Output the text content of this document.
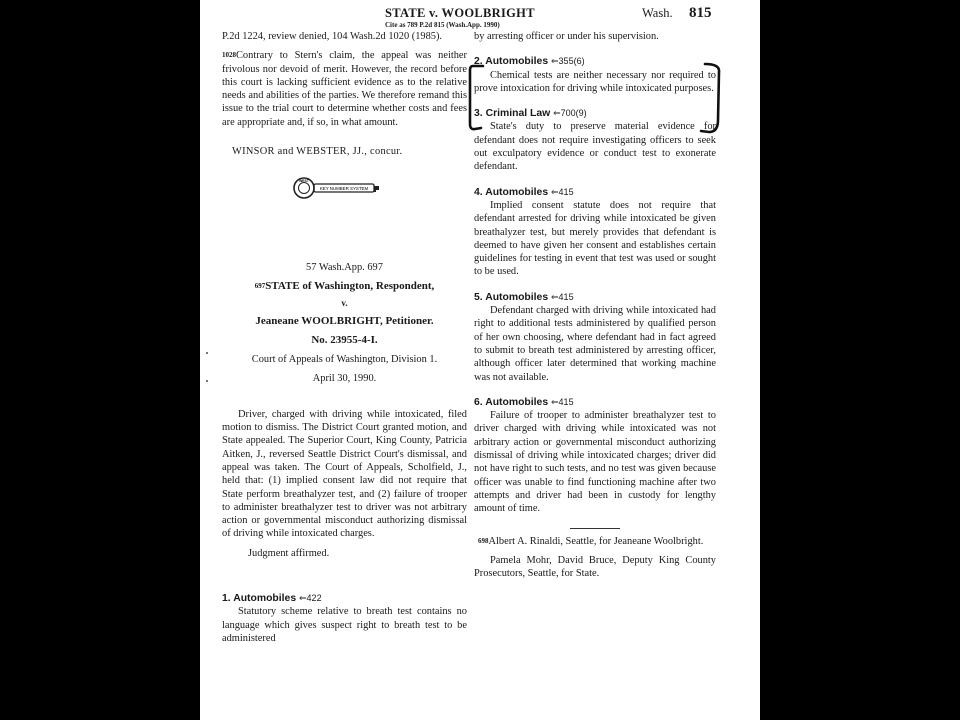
STATE v. WOOLBRIGHT
Cite as 789 P.2d 815 (Wash.App. 1990)
Wash. 815

P.2d 1224, review denied, 104 Wash.2d 1020 (1985).

$^{1028}$Contrary to Stern's claim, the appeal was neither frivolous nor devoid of merit. However, the record before this court is lacking sufficient evidence as to the relative needs and abilities of the parties. We therefore remand this issue to the trial court to determine whether costs and fees are appropriate and, if so, in what amount.

WINSOR and WEBSTER, JJ., concur.

WEST
KEY NUMBER SYSTEM

57 Wash.App. 697

$^{697}$STATE of Washington, Respondent,

v.

Jeaneane WOOLBRIGHT, Petitioner.

No. 23955-4-I.

Court of Appeals of Washington, Division 1.

April 30, 1990.

Driver, charged with driving while intoxicated, filed motion to dismiss. The District Court granted motion, and State appealed. The Superior Court, King County, Patricia Aitken, J., reversed Seattle District Court's dismissal, and appeal was taken. The Court of Appeals, Scholfield, J., held that: (1) implied consent law did not require that State perform breathalyzer test, and (2) failure of trooper to administer breathalyzer test to driver was not arbitrary action or governmental misconduct authorizing dismissal of driving while intoxicated charges.

Judgment affirmed.

1. Automobiles ⇐422

Statutory scheme relative to breath test contains no language which gives suspect right to breath test to be administered

by arresting officer or under his supervision.

2. Automobiles ⇐355(6)

Chemical tests are neither necessary nor required to prove intoxication for driving while intoxicated purposes.

3. Criminal Law ⇐700(9)

State's duty to preserve material evidence for defendant does not require investigating officers to seek out exculpatory evidence or conduct test to exonerate defendant.

4. Automobiles ⇐415

Implied consent statute does not require that defendant arrested for driving while intoxicated be given breathalyzer test, but merely provides that defendant is deemed to have given her consent and establishes certain guidelines for testing in event that test was used or sought to be used.

5. Automobiles ⇐415

Defendant charged with driving while intoxicated had right to additional tests administered by qualified person of her own choosing, where defendant had in fact agreed to submit to breath test administered by arresting officer, although officer later determined that working machine was not available.

6. Automobiles ⇐415

Failure of trooper to administer breathalyzer test to driver charged with driving while intoxicated was not arbitrary action or governmental misconduct authorizing dismissal of driving while intoxicated charges; driver did not have right to such tests, and no test was given because officer was unable to find functioning machine after two attempts and driver had been in custody for lengthy amount of time.

$^{698}$Albert A. Rinaldi, Seattle, for Jeaneane Woolbright.

Pamela Mohr, David Bruce, Deputy King County Prosecutors, Seattle, for State.
